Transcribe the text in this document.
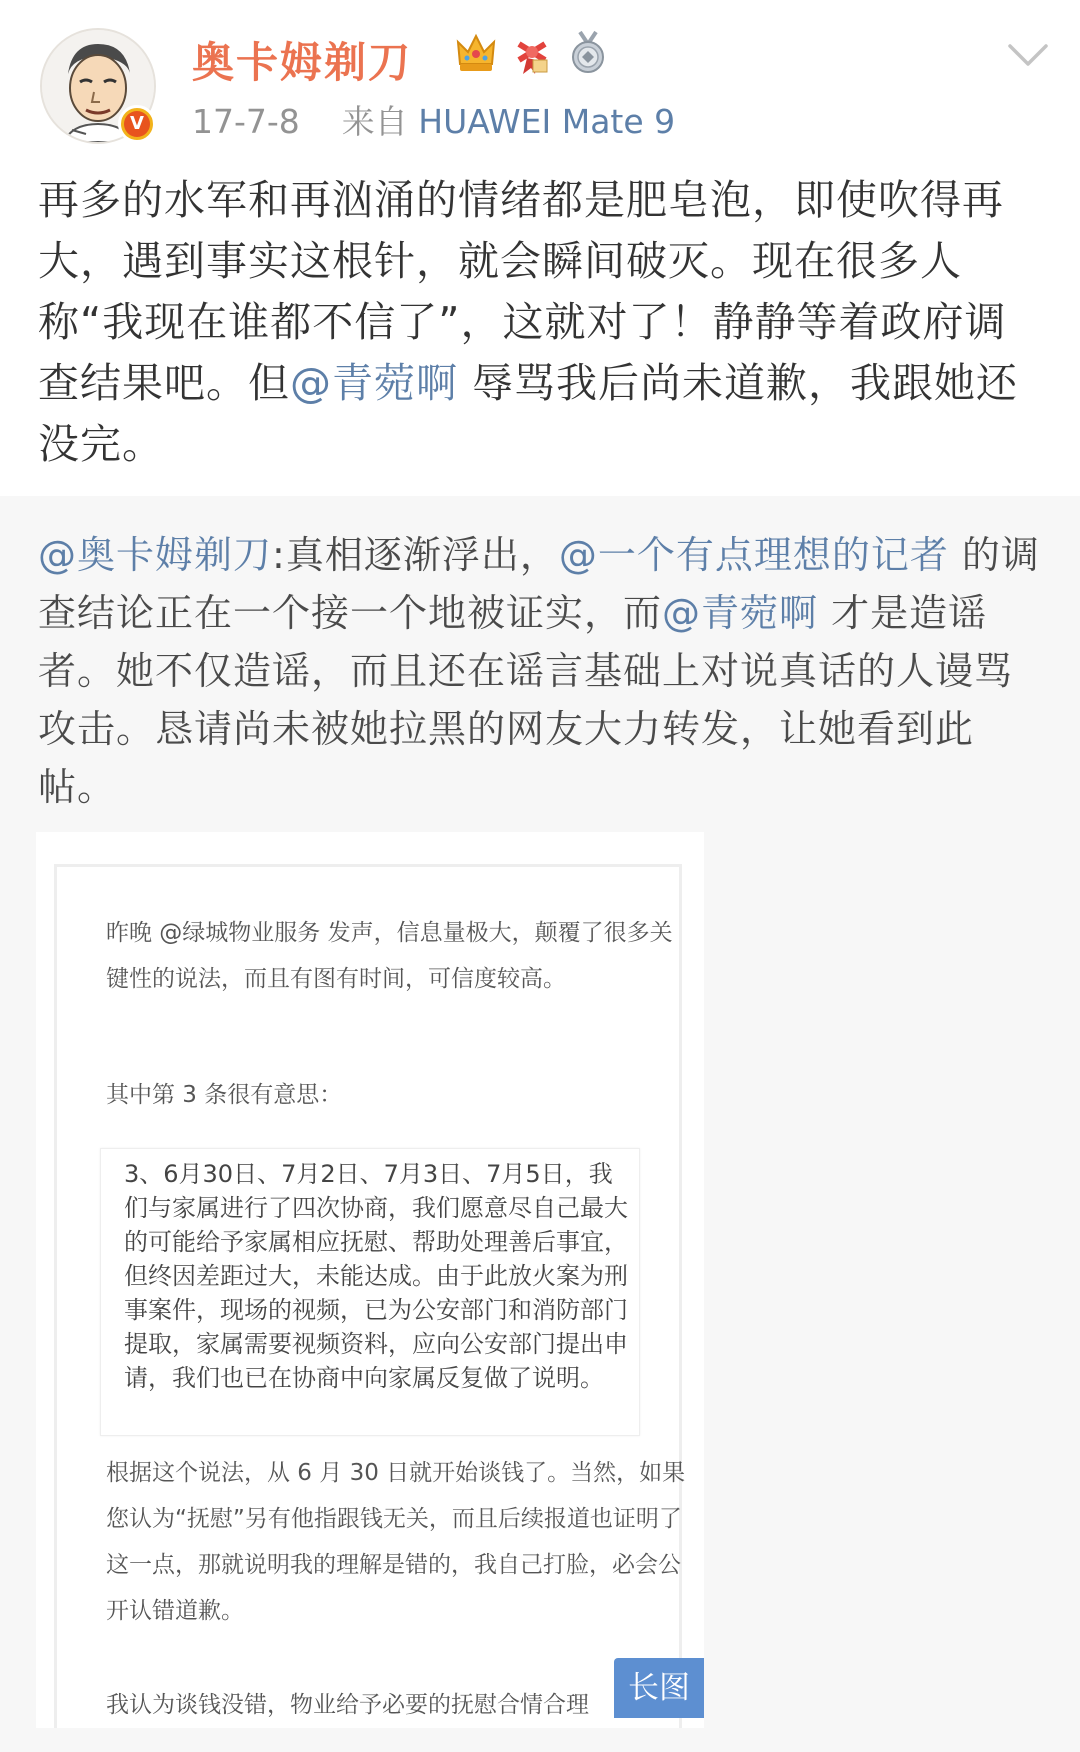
V
奥卡姆剃刀
17-7-8 来自 HUAWEI Mate 9
再多的水军和再汹涌的情绪都是肥皂泡，即使吹得再大，遇到事实这根针，就会瞬间破灭。现在很多人称“我现在谁都不信了”，这就对了！静静等着政府调查结果吧。但@青菀啊 辱骂我后尚未道歉，我跟她还没完。
@奥卡姆剃刀:真相逐渐浮出，@一个有点理想的记者 的调查结论正在一个接一个地被证实，而@青菀啊 才是造谣者。她不仅造谣，而且还在谣言基础上对说真话的人谩骂攻击。恳请尚未被她拉黑的网友大力转发，让她看到此帖。
昨晚 @绿城物业服务 发声，信息量极大，颠覆了很多关键性的说法，而且有图有时间，可信度较高。
其中第 3 条很有意思：
3、6月30日、7月2日、7月3日、7月5日，我们与家属进行了四次协商，我们愿意尽自己最大的可能给予家属相应抚慰、帮助处理善后事宜，但终因差距过大，未能达成。由于此放火案为刑事案件，现场的视频，已为公安部门和消防部门提取，家属需要视频资料，应向公安部门提出申请，我们也已在协商中向家属反复做了说明。
根据这个说法，从 6 月 30 日就开始谈钱了。当然，如果您认为“抚慰”另有他指跟钱无关，而且后续报道也证明了这一点，那就说明我的理解是错的，我自己打脸，必会公开认错道歉。
我认为谈钱没错，物业给予必要的抚慰合情合理	长图
